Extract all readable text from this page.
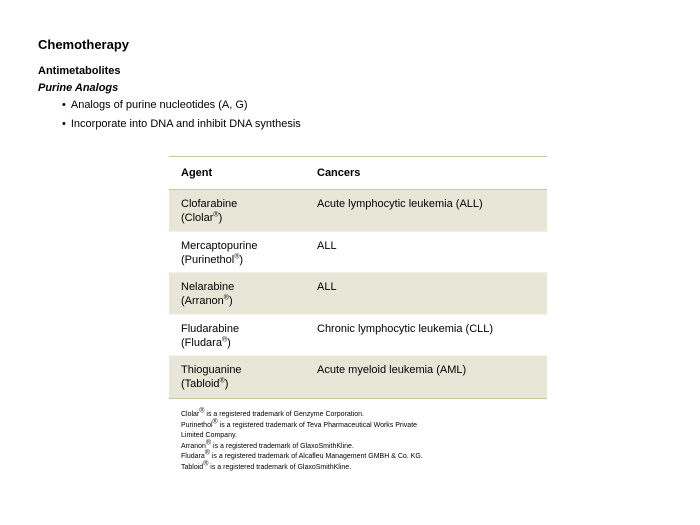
Chemotherapy
Antimetabolites
Purine Analogs
• Analogs of purine nucleotides (A, G)
• Incorporate into DNA and inhibit DNA synthesis
Agent	Cancers
Clofarabine
(Clolar®)
Acute lymphocytic leukemia (ALL)
Mercaptopurine
(Purinethol®)
ALL
Nelarabine
(Arranon®)
ALL
Fludarabine
(Fludara®)
Chronic lymphocytic leukemia (CLL)
Thioguanine
(Tabloid®)
Acute myeloid leukemia (AML)
Clolar® is a registered trademark of Genzyme Corporation.
Purinethol® is a registered trademark of Teva Pharmaceutical Works Private
Limited Company.
Arranon® is a registered trademark of GlaxoSmithKline.
Fludara® is a registered trademark of Alcafleu Management GMBH & Co. KG.
Tabloid® is a registered trademark of GlaxoSmithKline.
